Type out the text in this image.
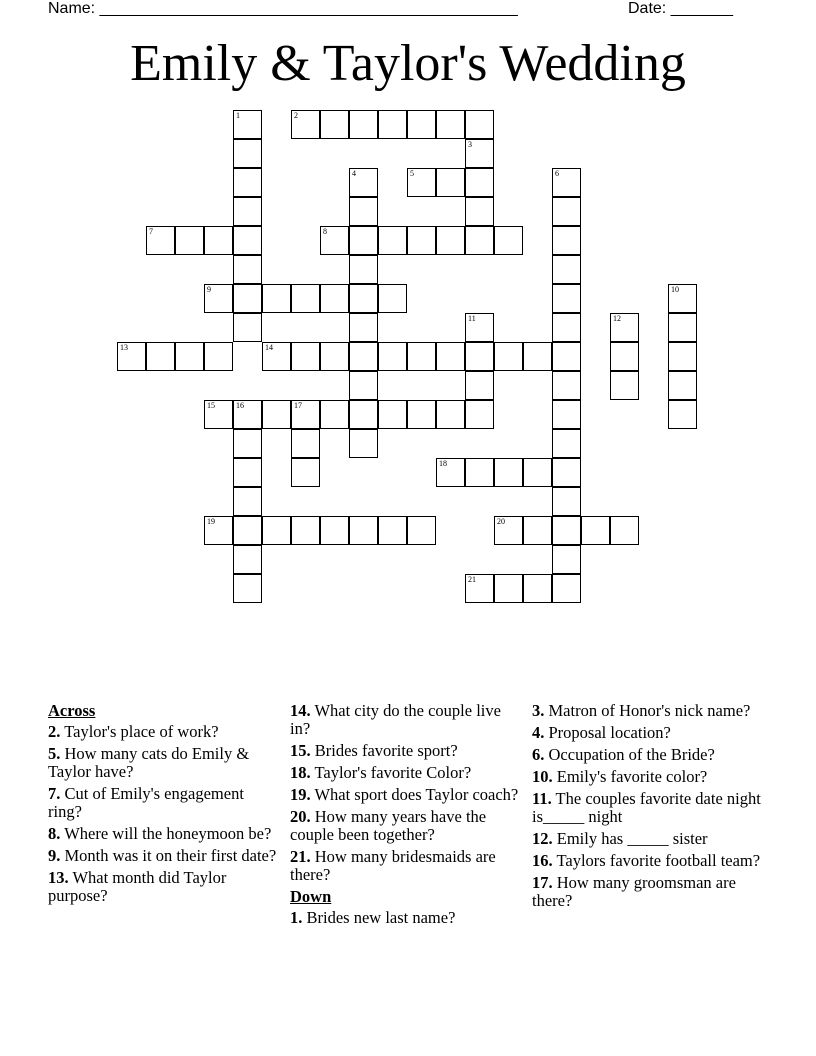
Name: _______________________________________________	Date: _______
Emily & Taylor's Wedding
1	2
3
4	5	6
7	8
9	10
11	12
13	14
15	16	17
18
19	20
21
Across
2. Taylor's place of work?
5. How many cats do Emily & Taylor have?
7. Cut of Emily's engagement ring?
8. Where will the honeymoon be?
9. Month was it on their first date?
13. What month did Taylor purpose?
14. What city do the couple live in?
15. Brides favorite sport?
18. Taylor's favorite Color?
19. What sport does Taylor coach?
20. How many years have the couple been together?
21. How many bridesmaids are there?
Down
1. Brides new last name?
3. Matron of Honor's nick name?
4. Proposal location?
6. Occupation of the Bride?
10. Emily's favorite color?
11. The couples favorite date night is_____ night
12. Emily has _____ sister
16. Taylors favorite football team?
17. How many groomsman are there?
